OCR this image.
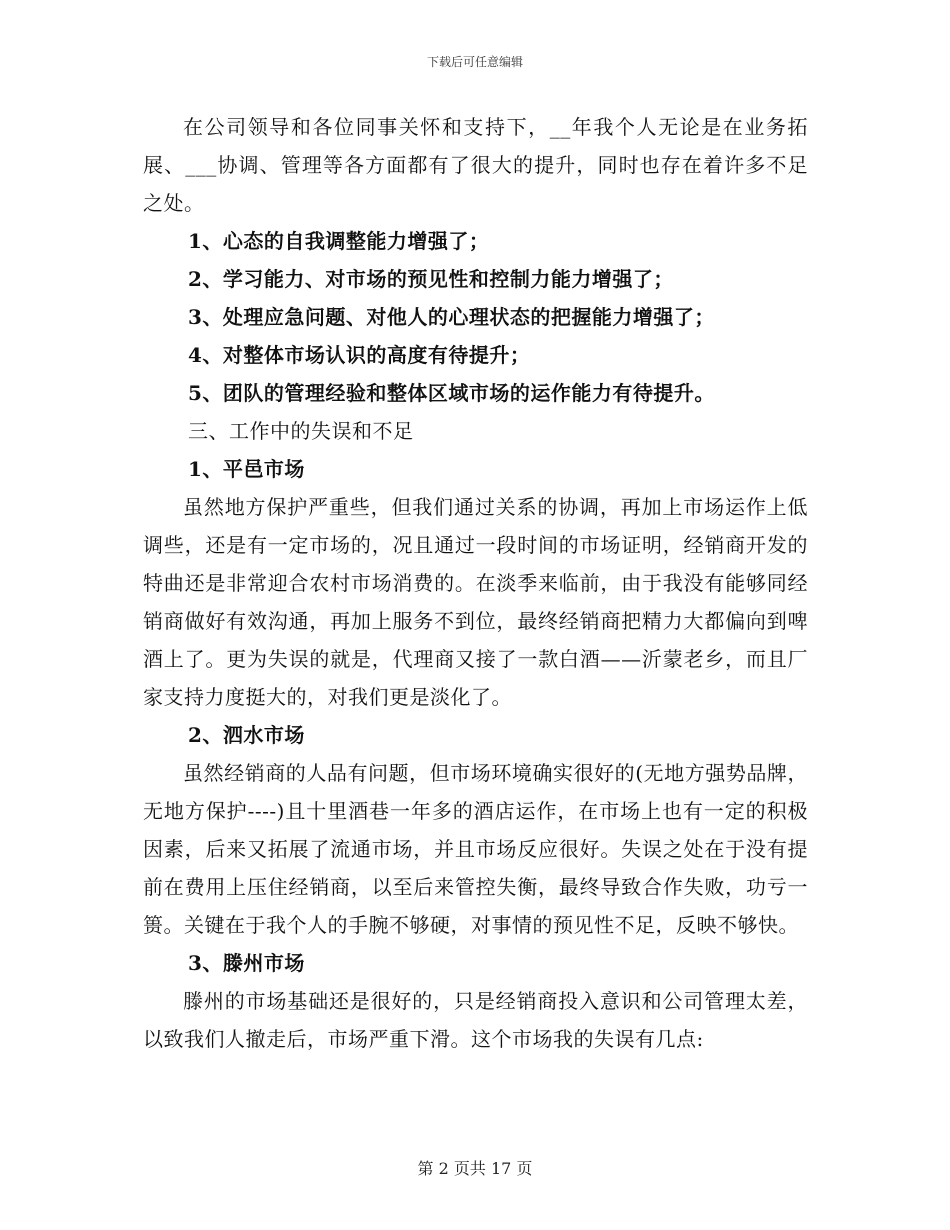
下载后可任意编辑

在公司领导和各位同事关怀和支持下，__年我个人无论是在业务拓展、___协调、管理等各方面都有了很大的提升，同时也存在着许多不足之处。

1、心态的自我调整能力增强了；

2、学习能力、对市场的预见性和控制力能力增强了；

3、处理应急问题、对他人的心理状态的把握能力增强了；

4、对整体市场认识的高度有待提升；

5、团队的管理经验和整体区域市场的运作能力有待提升。

三、工作中的失误和不足

1、平邑市场

虽然地方保护严重些，但我们通过关系的协调，再加上市场运作上低调些，还是有一定市场的，况且通过一段时间的市场证明，经销商开发的特曲还是非常迎合农村市场消费的。在淡季来临前，由于我没有能够同经销商做好有效沟通，再加上服务不到位，最终经销商把精力大都偏向到啤酒上了。更为失误的就是，代理商又接了一款白酒——沂蒙老乡，而且厂家支持力度挺大的，对我们更是淡化了。

2、泗水市场

虽然经销商的人品有问题，但市场环境确实很好的(无地方强势品牌，无地方保护----)且十里酒巷一年多的酒店运作，在市场上也有一定的积极因素，后来又拓展了流通市场，并且市场反应很好。失误之处在于没有提前在费用上压住经销商，以至后来管控失衡，最终导致合作失败，功亏一篑。关键在于我个人的手腕不够硬，对事情的预见性不足，反映不够快。

3、滕州市场

滕州的市场基础还是很好的，只是经销商投入意识和公司管理太差，以致我们人撤走后，市场严重下滑。这个市场我的失误有几点:

第 2 页共 17 页
